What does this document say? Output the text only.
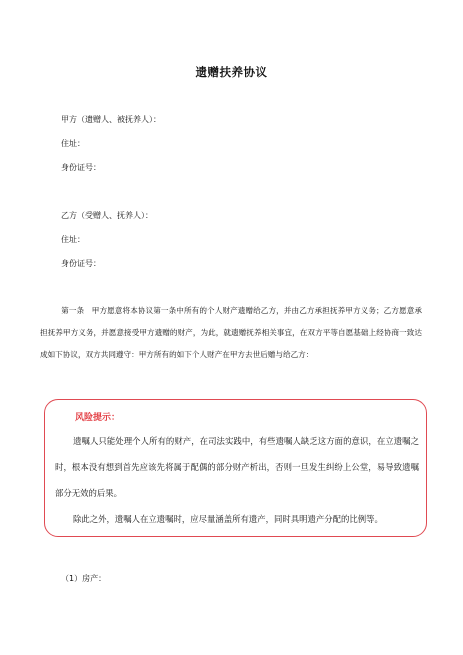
遗赠扶养协议
甲方（遗赠人、被抚养人）：
住址：
身份证号：
乙方（受赠人、抚养人）：
住址：
身份证号：
第一条　甲方愿意将本协议第一条中所有的个人财产遗赠给乙方，并由乙方承担抚养甲方义务；乙方愿意承担抚养甲方义务，并愿意接受甲方遗赠的财产，为此，就遗赠抚养相关事宜，在双方平等自愿基础上经协商一致达成如下协议，双方共同遵守：甲方所有的如下个人财产在甲方去世后赠与给乙方：
风险提示：
遗嘱人只能处理个人所有的财产，在司法实践中，有些遗嘱人缺乏这方面的意识，在立遗嘱之时，根本没有想到首先应该先将属于配偶的部分财产析出，否则一旦发生纠纷上公堂，易导致遗嘱部分无效的后果。
除此之外，遗嘱人在立遗嘱时，应尽量涵盖所有遗产，同时具明遗产分配的比例等。
（1）房产：
